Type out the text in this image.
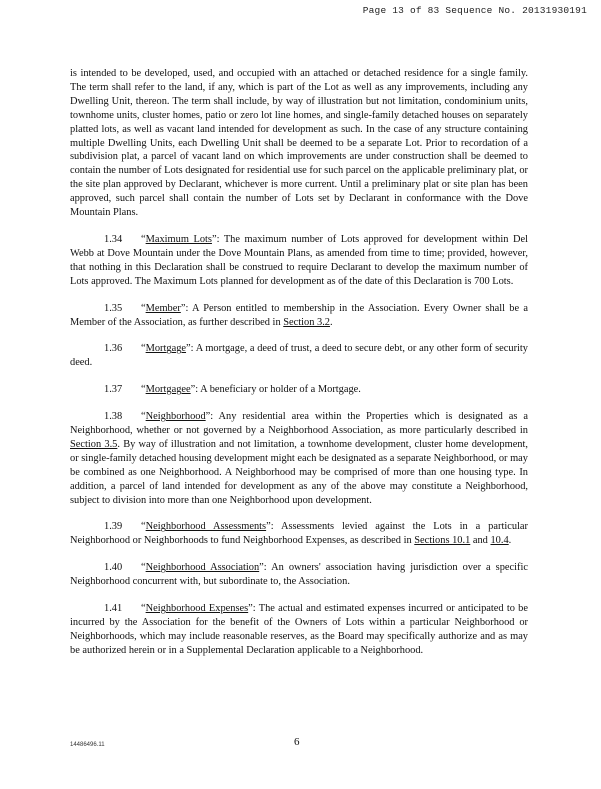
Page 13 of 83 Sequence No. 20131930191

is intended to be developed, used, and occupied with an attached or detached residence for a single family. The term shall refer to the land, if any, which is part of the Lot as well as any improvements, including any Dwelling Unit, thereon. The term shall include, by way of illustration but not limitation, condominium units, townhome units, cluster homes, patio or zero lot line homes, and single-family detached houses on separately platted lots, as well as vacant land intended for development as such. In the case of any structure containing multiple Dwelling Units, each Dwelling Unit shall be deemed to be a separate Lot. Prior to recordation of a subdivision plat, a parcel of vacant land on which improvements are under construction shall be deemed to contain the number of Lots designated for residential use for such parcel on the applicable preliminary plat, or the site plan approved by Declarant, whichever is more current. Until a preliminary plat or site plan has been approved, such parcel shall contain the number of Lots set by Declarant in conformance with the Dove Mountain Plans.

1.34 “Maximum Lots”: The maximum number of Lots approved for development within Del Webb at Dove Mountain under the Dove Mountain Plans, as amended from time to time; provided, however, that nothing in this Declaration shall be construed to require Declarant to develop the maximum number of Lots approved. The Maximum Lots planned for development as of the date of this Declaration is 700 Lots.

1.35 “Member”: A Person entitled to membership in the Association. Every Owner shall be a Member of the Association, as further described in Section 3.2.

1.36 “Mortgage”: A mortgage, a deed of trust, a deed to secure debt, or any other form of security deed.

1.37 “Mortgagee”: A beneficiary or holder of a Mortgage.

1.38 “Neighborhood”: Any residential area within the Properties which is designated as a Neighborhood, whether or not governed by a Neighborhood Association, as more particularly described in Section 3.5. By way of illustration and not limitation, a townhome development, cluster home development, or single-family detached housing development might each be designated as a separate Neighborhood, or may be combined as one Neighborhood. A Neighborhood may be comprised of more than one housing type. In addition, a parcel of land intended for development as any of the above may constitute a Neighborhood, subject to division into more than one Neighborhood upon development.

1.39 “Neighborhood Assessments”: Assessments levied against the Lots in a particular Neighborhood or Neighborhoods to fund Neighborhood Expenses, as described in Sections 10.1 and 10.4.

1.40 “Neighborhood Association”: An owners' association having jurisdiction over a specific Neighborhood concurrent with, but subordinate to, the Association.

1.41 “Neighborhood Expenses”: The actual and estimated expenses incurred or anticipated to be incurred by the Association for the benefit of the Owners of Lots within a particular Neighborhood or Neighborhoods, which may include reasonable reserves, as the Board may specifically authorize and as may be authorized herein or in a Supplemental Declaration applicable to a Neighborhood.

14486496.11	6
